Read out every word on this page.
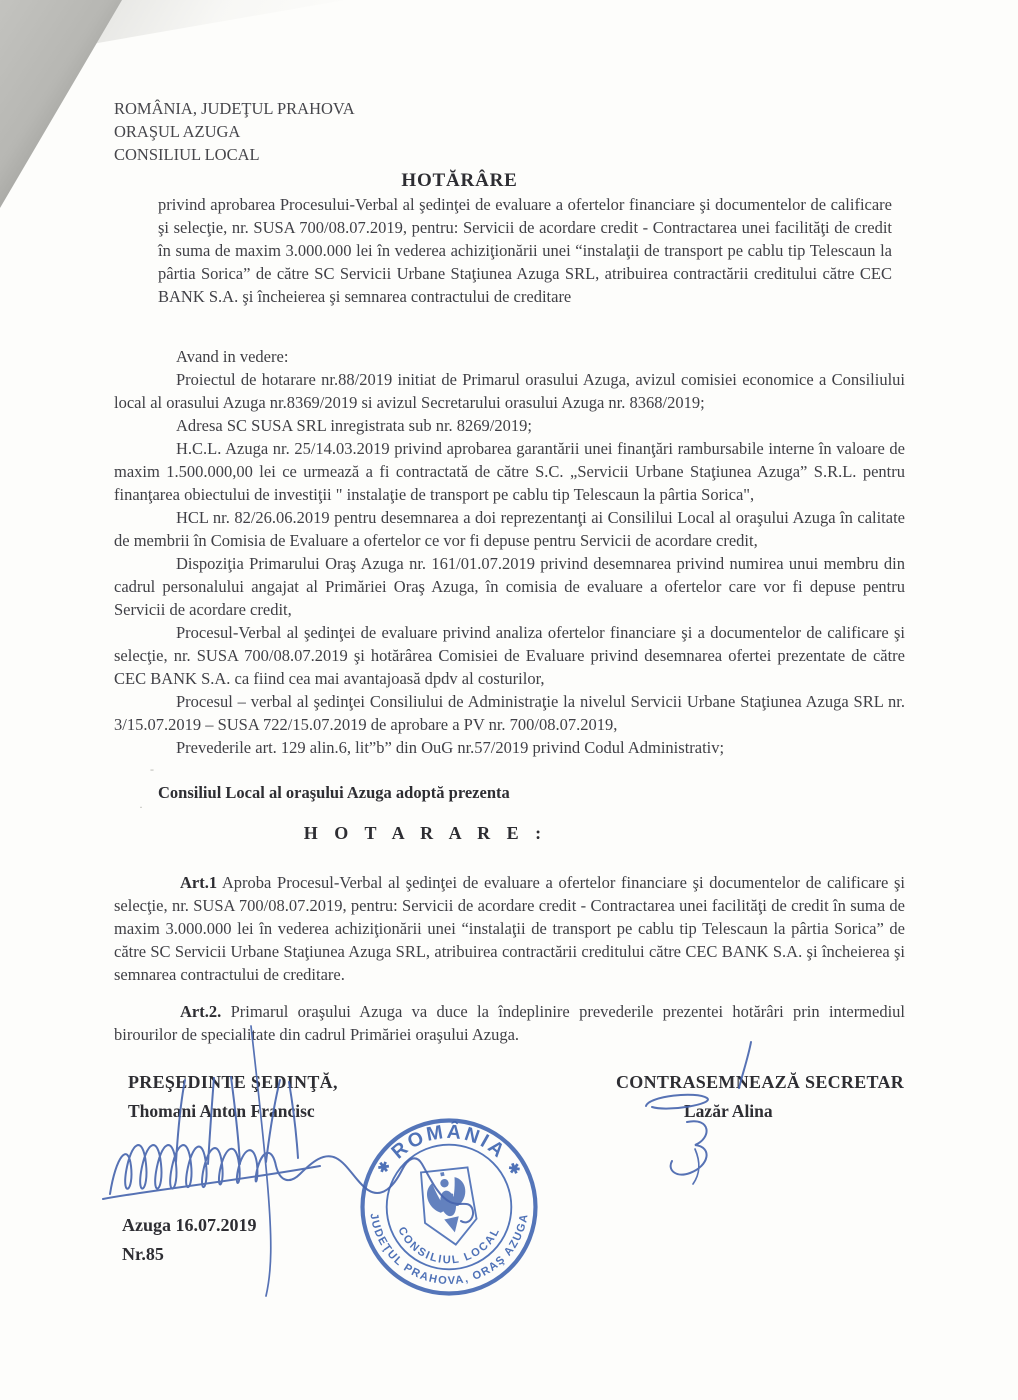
ROMÂNIA, JUDEŢUL PRAHOVA
ORAŞUL AZUGA
CONSILIUL LOCAL
HOTĂRÂRE

privind aprobarea Procesului-Verbal al şedinţei de evaluare a ofertelor financiare şi documentelor de calificare şi selecţie, nr. SUSA 700/08.07.2019, pentru: Servicii de acordare credit - Contractarea unei facilităţi de credit în suma de maxim 3.000.000 lei în vederea achiziţionării unei “instalaţii de transport pe cablu tip Telescaun la pârtia Sorica” de către SC Servicii Urbane Staţiunea Azuga SRL, atribuirea contractării creditului către CEC BANK S.A. şi încheierea şi semnarea contractului de creditare

Avand in vedere:

Proiectul de hotarare nr.88/2019 initiat de Primarul orasului Azuga, avizul comisiei economice a Consiliului local al orasului Azuga nr.8369/2019 si avizul Secretarului orasului Azuga nr. 8368/2019;

Adresa SC SUSA SRL inregistrata sub nr. 8269/2019;

H.C.L. Azuga nr. 25/14.03.2019 privind aprobarea garantării unei finanţări rambursabile interne în valoare de maxim 1.500.000,00 lei ce urmează a fi contractată de către S.C. „Servicii Urbane Staţiunea Azuga” S.R.L. pentru finanţarea obiectului de investiţii " instalaţie de transport pe cablu tip Telescaun la pârtia Sorica",

HCL nr. 82/26.06.2019 pentru desemnarea a doi reprezentanţi ai Consililui Local al oraşului Azuga în calitate de membrii în Comisia de Evaluare a ofertelor ce vor fi depuse pentru Servicii de acordare credit,

Dispoziţia Primarului Oraş Azuga nr. 161/01.07.2019 privind desemnarea privind numirea unui membru din cadrul personalului angajat al Primăriei Oraş Azuga, în comisia de evaluare a ofertelor care vor fi depuse pentru Servicii de acordare credit,

Procesul-Verbal al şedinţei de evaluare privind analiza ofertelor financiare şi a documentelor de calificare şi selecţie, nr. SUSA 700/08.07.2019 şi hotărârea Comisiei de Evaluare privind desemnarea ofertei prezentate de către CEC BANK S.A. ca fiind cea mai avantajoasă dpdv al costurilor,

Procesul – verbal al şedinţei Consiliului de Administraţie la nivelul Servicii Urbane Staţiunea Azuga SRL nr. 3/15.07.2019 – SUSA 722/15.07.2019 de aprobare a PV nr. 700/08.07.2019,

Prevederile art. 129 alin.6, lit”b” din OuG nr.57/2019 privind Codul Administrativ;

Consiliul Local al oraşului Azuga adoptă prezenta

H O T A R A R E :

Art.1 Aproba Procesul-Verbal al şedinţei de evaluare a ofertelor financiare şi documentelor de calificare şi selecţie, nr. SUSA 700/08.07.2019, pentru: Servicii de acordare credit - Contractarea unei facilităţi de credit în suma de maxim 3.000.000 lei în vederea achiziţionării unei “instalaţii de transport pe cablu tip Telescaun la pârtia Sorica” de către SC Servicii Urbane Staţiunea Azuga SRL, atribuirea contractării creditului către CEC BANK S.A. şi încheierea şi semnarea contractului de creditare.

Art.2. Primarul oraşului Azuga va duce la îndeplinire prevederile prezentei hotărâri prin intermediul birourilor de specialitate din cadrul Primăriei oraşului Azuga.

PREŞEDINTE ŞEDINŢĂ,
Thomani Anton Francisc
CONTRASEMNEAZĂ SECRETAR
Lazăr Alina
Azuga 16.07.2019
Nr.85
·
‑
ROMÂNIA
JUDEŢUL PRAHOVA, ORAŞ AZUGA
CONSILIUL LOCAL
✱	✱
